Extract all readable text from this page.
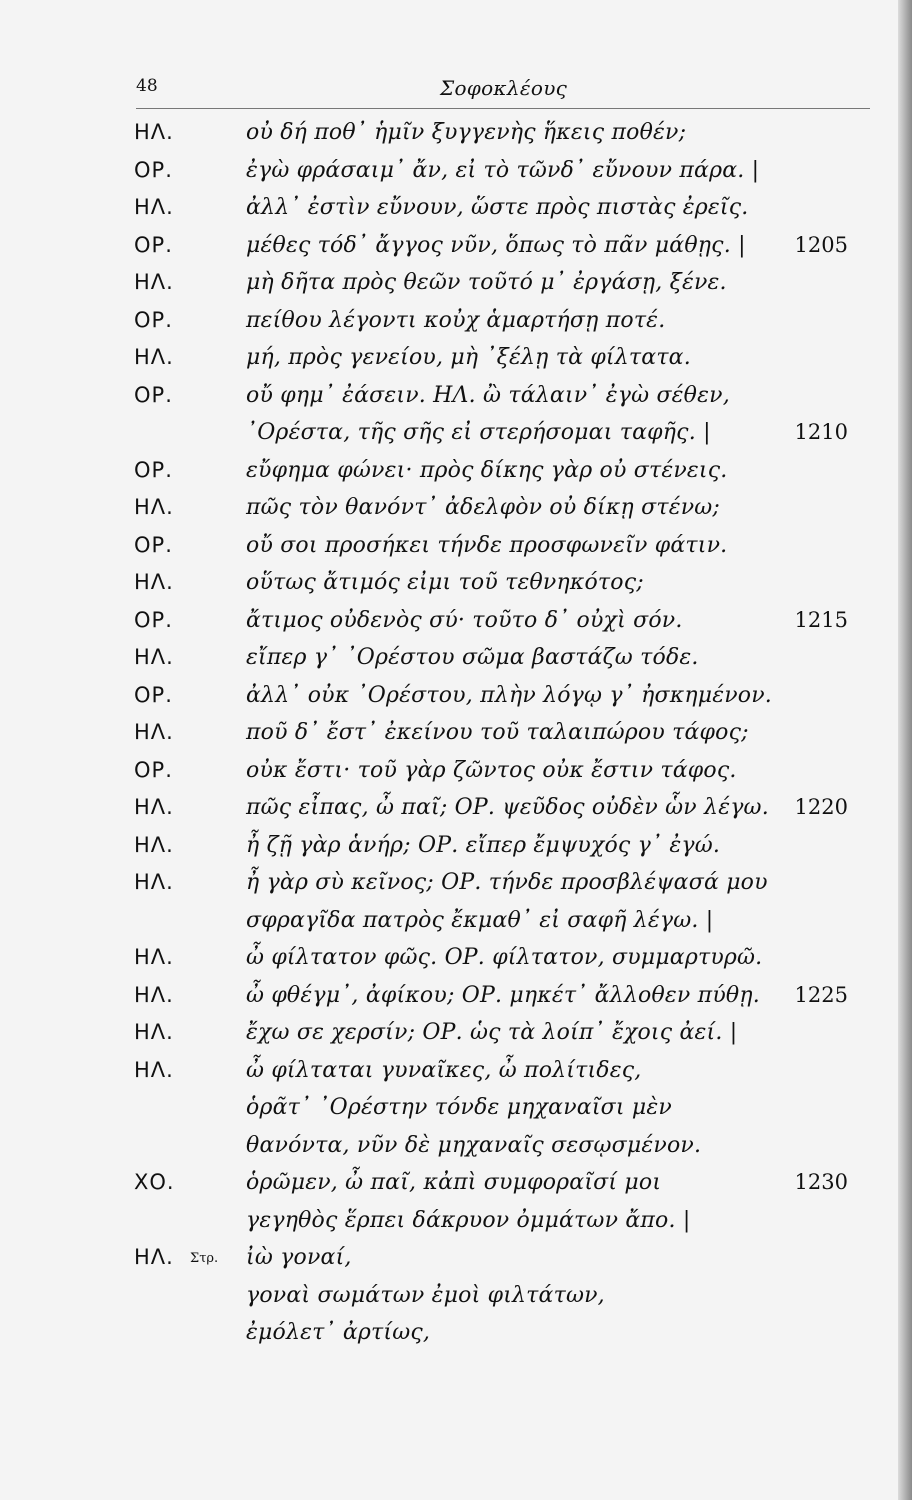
48	Σοφοκλέους
ΗΛ.	οὐ δή ποθ᾽ ἡμῖν ξυγγενὴς ἥκεις ποθέν;
ΟΡ.	ἐγὼ φράσαιμ᾽ ἄν, εἰ τὸ τῶνδ᾽ εὔνουν πάρα. |
ΗΛ.	ἀλλ᾽ ἐστὶν εὔνουν, ὥστε πρὸς πιστὰς ἐρεῖς.
ΟΡ.	μέθες τόδ᾽ ἄγγος νῦν, ὅπως τὸ πᾶν μάθῃς. | 1205
ΗΛ.	μὴ δῆτα πρὸς θεῶν τοῦτό μ᾽ ἐργάσῃ, ξένε.
ΟΡ.	πείθου λέγοντι κοὐχ ἁμαρτήσῃ ποτέ.
ΗΛ.	μή, πρὸς γενείου, μὴ ᾽ξέλῃ τὰ φίλτατα.
ΟΡ.	οὔ φημ᾽ ἐάσειν. ΗΛ. ὢ τάλαιν᾽ ἐγὼ σέθεν,
᾽Ορέστα, τῆς σῆς εἰ στερήσομαι ταφῆς. |	1210
ΟΡ.	εὔφημα φώνει· πρὸς δίκης γὰρ οὐ στένεις.
ΗΛ.	πῶς τὸν θανόντ᾽ ἀδελφὸν οὐ δίκῃ στένω;
ΟΡ.	οὔ σοι προσήκει τήνδε προσφωνεῖν φάτιν.
ΗΛ.	οὕτως ἄτιμός εἰμι τοῦ τεθνηκότος;
ΟΡ.	ἄτιμος οὐδενὸς σύ· τοῦτο δ᾽ οὐχὶ σόν.	1215
ΗΛ.	εἴπερ γ᾽ ᾽Ορέστου σῶμα βαστάζω τόδε.
ΟΡ.	ἀλλ᾽ οὐκ ᾽Ορέστου, πλὴν λόγῳ γ᾽ ἠσκημένον.
ΗΛ.	ποῦ δ᾽ ἔστ᾽ ἐκείνου τοῦ ταλαιπώρου τάφος;
ΟΡ.	οὐκ ἔστι· τοῦ γὰρ ζῶντος οὐκ ἔστιν τάφος.
ΗΛ.	πῶς εἶπας, ὦ παῖ; ΟΡ. ψεῦδος οὐδὲν ὧν λέγω. 1220
ΗΛ.	ἦ ζῇ γὰρ ἁνήρ; ΟΡ. εἴπερ ἔμψυχός γ᾽ ἐγώ.
ΗΛ.	ἦ γὰρ σὺ κεῖνος; ΟΡ. τήνδε προσβλέψασά μου
σφραγῖδα πατρὸς ἔκμαθ᾽ εἰ σαφῆ λέγω. |
ΗΛ.	ὦ φίλτατον φῶς. ΟΡ. φίλτατον, συμμαρτυρῶ.
ΗΛ.	ὦ φθέγμ᾽, ἀφίκου; ΟΡ. μηκέτ᾽ ἄλλοθεν πύθῃ. 1225
ΗΛ.	ἔχω σε χερσίν; ΟΡ. ὡς τὰ λοίπ᾽ ἔχοις ἀεί. |
ΗΛ.	ὦ φίλταται γυναῖκες, ὦ πολίτιδες,
ὁρᾶτ᾽ ᾽Ορέστην τόνδε μηχαναῖσι μὲν
θανόντα, νῦν δὲ μηχαναῖς σεσῳσμένον.
ΧΟ.	ὁρῶμεν, ὦ παῖ, κἀπὶ συμφοραῖσί μοι	1230
γεγηθὸς ἕρπει δάκρυον ὀμμάτων ἄπο. |
ΗΛ. Στρ. ἰὼ γοναί,
γοναὶ σωμάτων ἐμοὶ φιλτάτων,
ἐμόλετ᾽ ἀρτίως,
